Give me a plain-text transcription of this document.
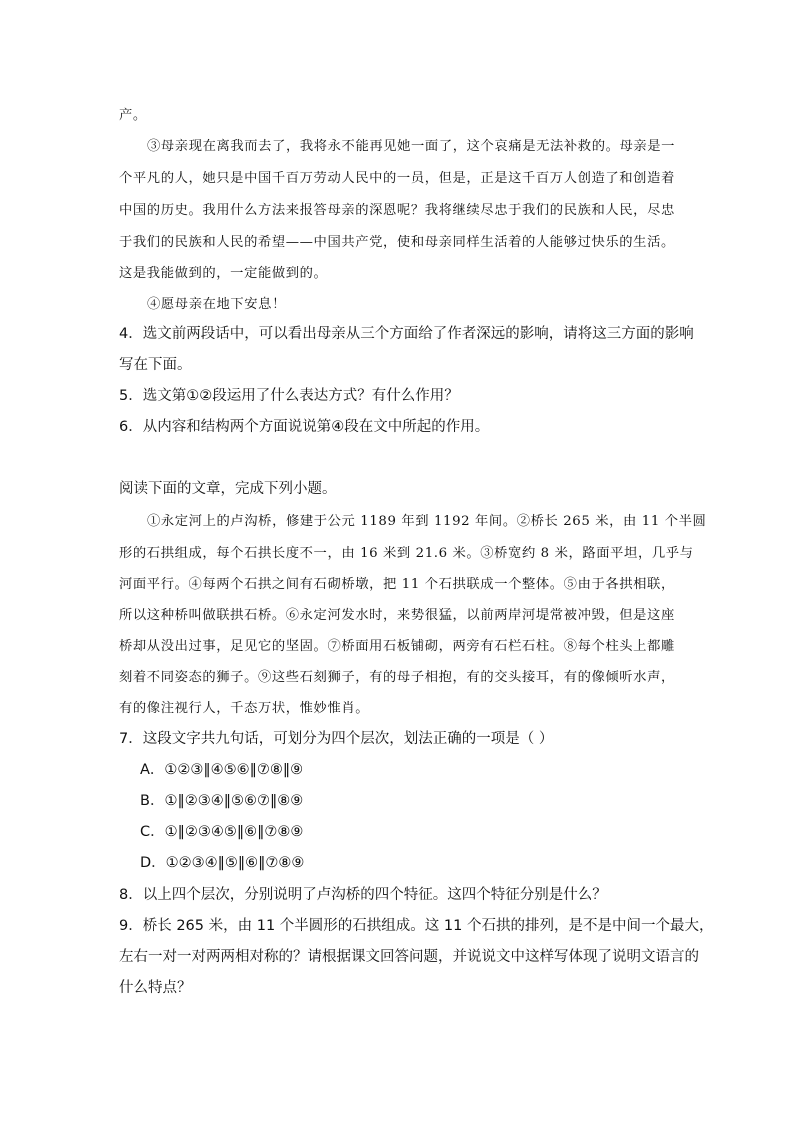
产。
③母亲现在离我而去了，我将永不能再见她一面了，这个哀痛是无法补救的。母亲是一
个平凡的人，她只是中国千百万劳动人民中的一员，但是，正是这千百万人创造了和创造着
中国的历史。我用什么方法来报答母亲的深恩呢？我将继续尽忠于我们的民族和人民，尽忠
于我们的民族和人民的希望——中国共产党，使和母亲同样生活着的人能够过快乐的生活。
这是我能做到的，一定能做到的。
④愿母亲在地下安息！
4．选文前两段话中，可以看出母亲从三个方面给了作者深远的影响，请将这三方面的影响
写在下面。
5．选文第①②段运用了什么表达方式？有什么作用？
6．从内容和结构两个方面说说第④段在文中所起的作用。
阅读下面的文章，完成下列小题。
①永定河上的卢沟桥，修建于公元 1189 年到 1192 年间。②桥长 265 米，由 11 个半圆
形的石拱组成，每个石拱长度不一，由 16 米到 21.6 米。③桥宽约 8 米，路面平坦，几乎与
河面平行。④每两个石拱之间有石砌桥墩，把 11 个石拱联成一个整体。⑤由于各拱相联，
所以这种桥叫做联拱石桥。⑥永定河发水时，来势很猛，以前两岸河堤常被冲毁，但是这座
桥却从没出过事，足见它的坚固。⑦桥面用石板铺砌，两旁有石栏石柱。⑧每个柱头上都雕
刻着不同姿态的狮子。⑨这些石刻狮子，有的母子相抱，有的交头接耳，有的像倾听水声，
有的像注视行人，千态万状，惟妙惟肖。
7．这段文字共九句话，可划分为四个层次，划法正确的一项是（ ）
A．①②③‖④⑤⑥‖⑦⑧‖⑨
B．①‖②③④‖⑤⑥⑦‖⑧⑨
C．①‖②③④⑤‖⑥‖⑦⑧⑨
D．①②③④‖⑤‖⑥‖⑦⑧⑨
8．以上四个层次，分别说明了卢沟桥的四个特征。这四个特征分别是什么？
9．桥长 265 米，由 11 个半圆形的石拱组成。这 11 个石拱的排列，是不是中间一个最大，
左右一对一对两两相对称的？请根据课文回答问题，并说说文中这样写体现了说明文语言的
什么特点？
